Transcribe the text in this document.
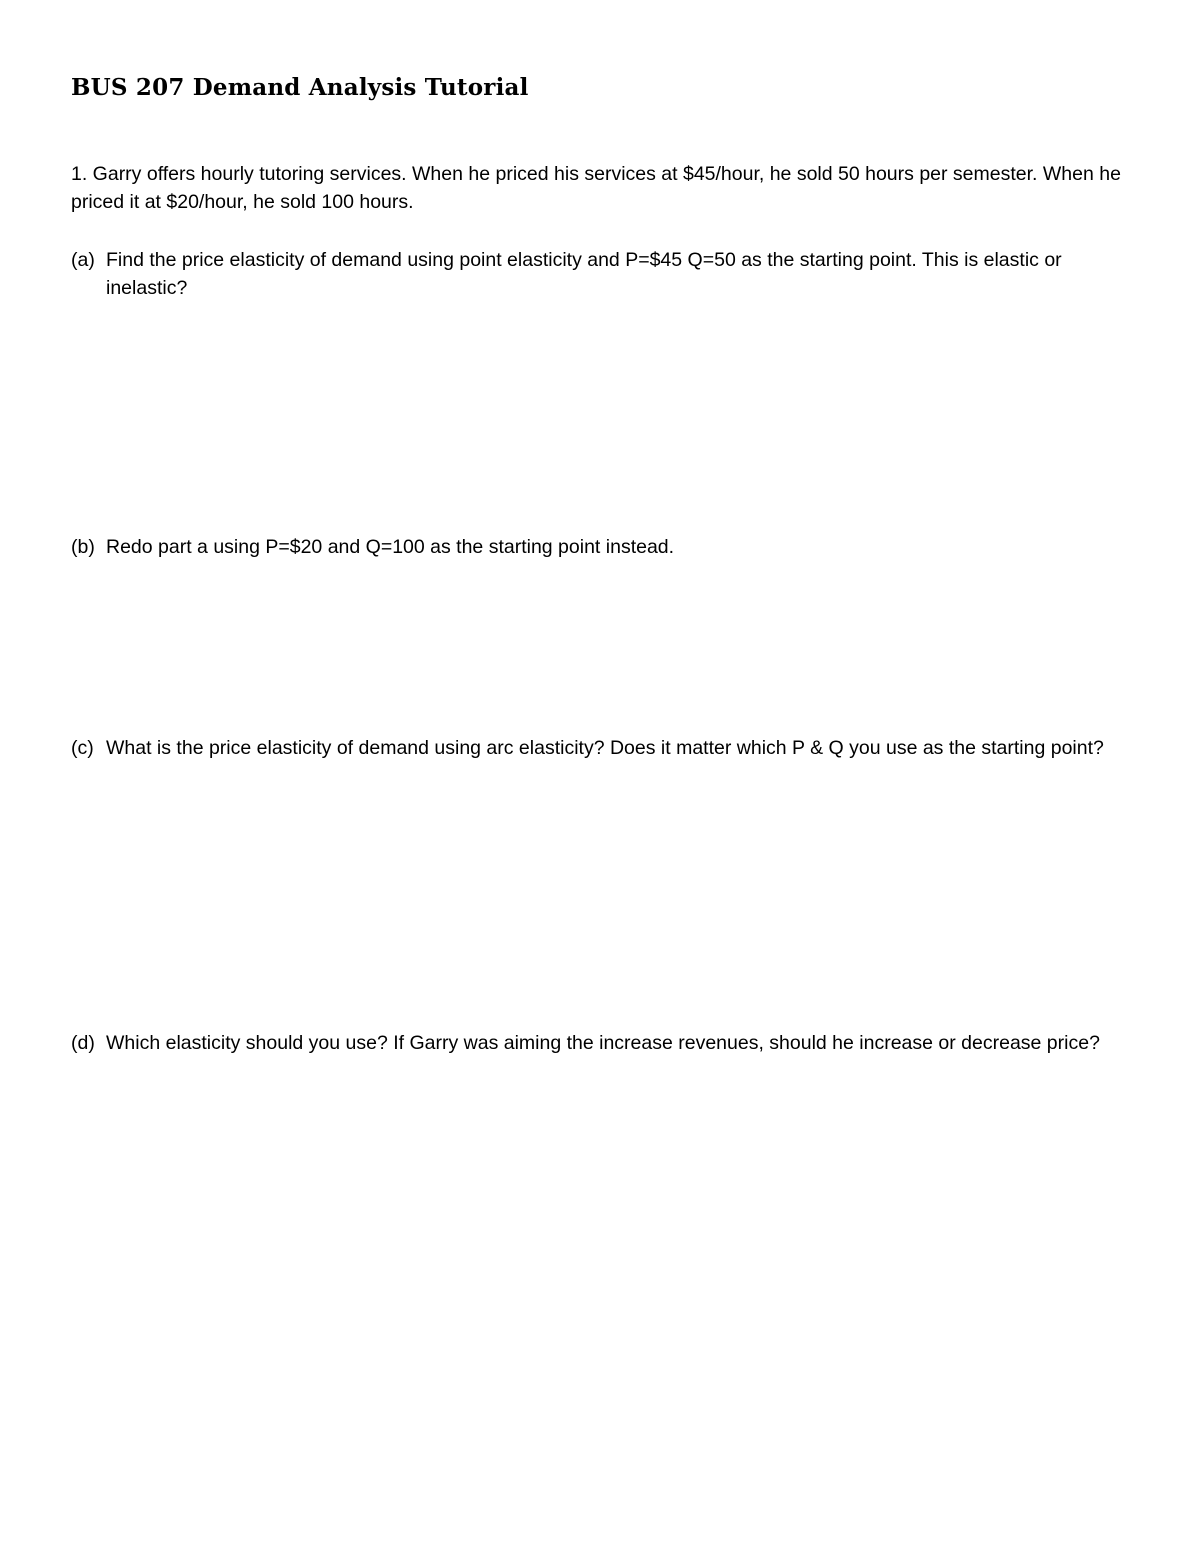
BUS 207 Demand Analysis Tutorial

1. Garry offers hourly tutoring services. When he priced his services at $45/hour, he sold 50 hours per semester. When he priced it at $20/hour, he sold 100 hours.

(a) Find the price elasticity of demand using point elasticity and P=$45 Q=50 as the starting point. This is elastic or inelastic?
(b) Redo part a using P=$20 and Q=100 as the starting point instead.
(c) What is the price elasticity of demand using arc elasticity? Does it matter which P & Q you use as the starting point?
(d) Which elasticity should you use? If Garry was aiming the increase revenues, should he increase or decrease price?
